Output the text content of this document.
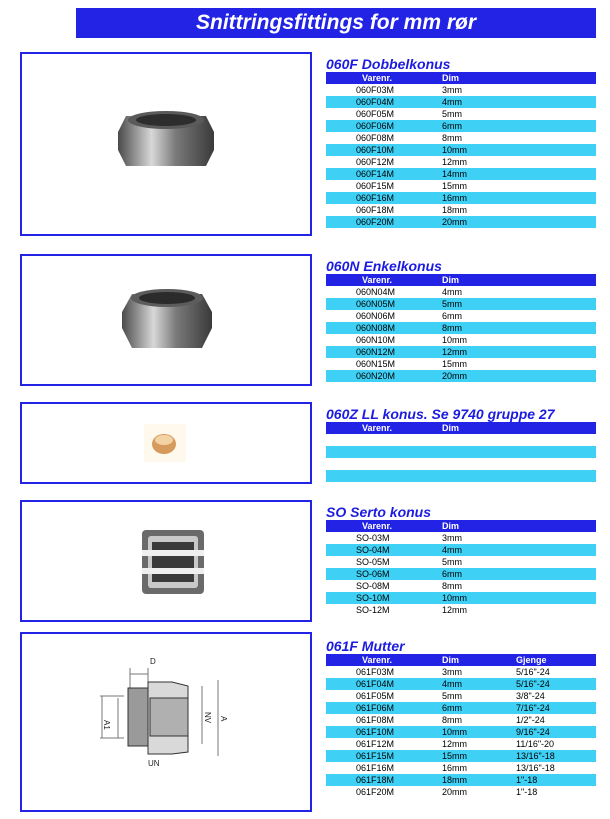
Snittringsfittings for mm rør
D
A1
NV A
UN
060F Dobbelkonus
Varenr.	Dim	
060F03M	3mm	
060F04M	4mm	
060F05M	5mm	
060F06M	6mm	
060F08M	8mm	
060F10M	10mm	
060F12M	12mm	
060F14M	14mm	
060F15M	15mm	
060F16M	16mm	
060F18M	18mm	
060F20M	20mm	
060N Enkelkonus
Varenr.	Dim	
060N04M	4mm	
060N05M	5mm	
060N06M	6mm	
060N08M	8mm	
060N10M	10mm	
060N12M	12mm	
060N15M	15mm	
060N20M	20mm	
060Z LL konus. Se 9740 gruppe 27
Varenr.	Dim	

SO Serto konus
Varenr.	Dim	
SO-03M	3mm	
SO-04M	4mm	
SO-05M	5mm	
SO-06M	6mm	
SO-08M	8mm	
SO-10M	10mm	
SO-12M	12mm	
061F Mutter
Varenr.	Dim	Gjenge
061F03M	3mm	5/16"-24
061F04M	4mm	5/16"-24
061F05M	5mm	3/8"-24
061F06M	6mm	7/16"-24
061F08M	8mm	1/2"-24
061F10M	10mm	9/16"-24
061F12M	12mm	11/16"-20
061F15M	15mm	13/16"-18
061F16M	16mm	13/16"-18
061F18M	18mm	1"-18
061F20M	20mm	1"-18
